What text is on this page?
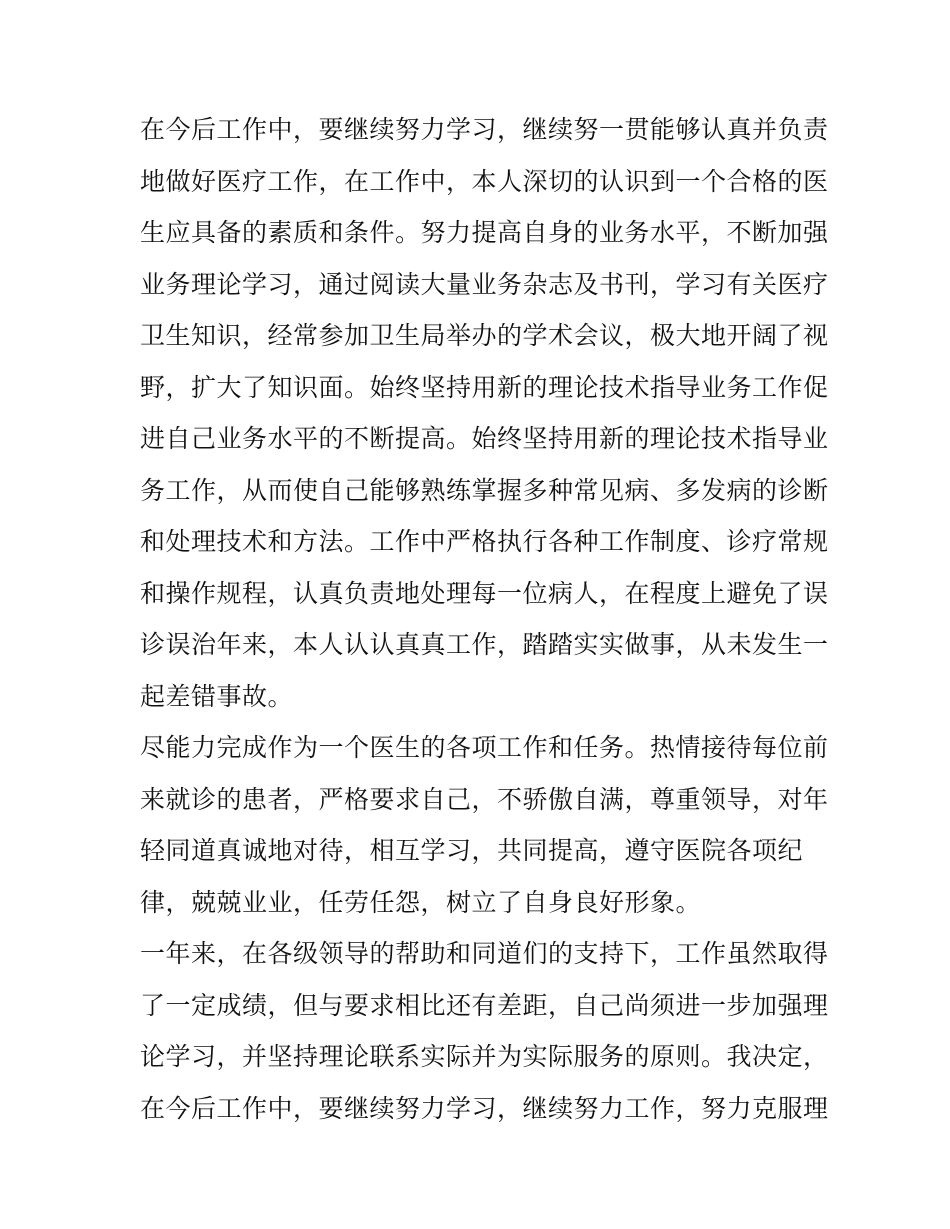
在今后工作中，要继续努力学习，继续努一贯能够认真并负责
地做好医疗工作，在工作中，本人深切的认识到一个合格的医
生应具备的素质和条件。努力提高自身的业务水平，不断加强
业务理论学习，通过阅读大量业务杂志及书刊，学习有关医疗
卫生知识，经常参加卫生局举办的学术会议，极大地开阔了视
野，扩大了知识面。始终坚持用新的理论技术指导业务工作促
进自己业务水平的不断提高。始终坚持用新的理论技术指导业
务工作，从而使自己能够熟练掌握多种常见病、多发病的诊断
和处理技术和方法。工作中严格执行各种工作制度、诊疗常规
和操作规程，认真负责地处理每一位病人，在程度上避免了误
诊误治年来，本人认认真真工作，踏踏实实做事，从未发生一
起差错事故。
尽能力完成作为一个医生的各项工作和任务。热情接待每位前
来就诊的患者，严格要求自己，不骄傲自满，尊重领导，对年
轻同道真诚地对待，相互学习，共同提高，遵守医院各项纪
律，兢兢业业，任劳任怨，树立了自身良好形象。
一年来，在各级领导的帮助和同道们的支持下，工作虽然取得
了一定成绩，但与要求相比还有差距，自己尚须进一步加强理
论学习，并坚持理论联系实际并为实际服务的原则。我决定，
在今后工作中，要继续努力学习，继续努力工作，努力克服理
